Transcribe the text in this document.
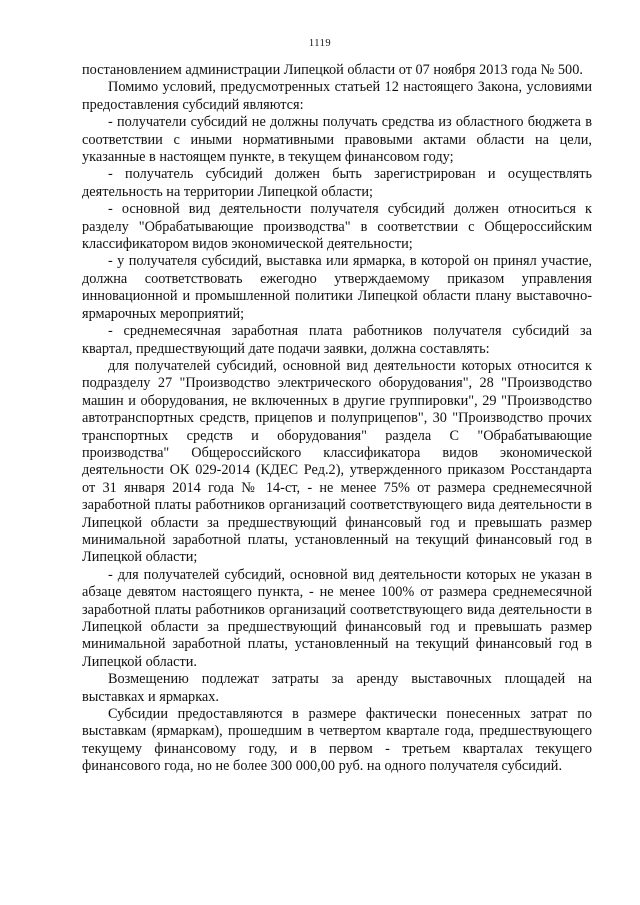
1119

постановлением администрации Липецкой области от 07 ноября 2013 года № 500.

Помимо условий, предусмотренных статьей 12 настоящего Закона, условиями предоставления субсидий являются:

- получатели субсидий не должны получать средства из областного бюджета в соответствии с иными нормативными правовыми актами области на цели, указанные в настоящем пункте, в текущем финансовом году;

- получатель субсидий должен быть зарегистрирован и осуществлять деятельность на территории Липецкой области;

- основной вид деятельности получателя субсидий должен относиться к разделу "Обрабатывающие производства" в соответствии с Общероссийским классификатором видов экономической деятельности;

- у получателя субсидий, выставка или ярмарка, в которой он принял участие, должна соответствовать ежегодно утверждаемому приказом управления инновационной и промышленной политики Липецкой области плану выставочно-ярмарочных мероприятий;

- среднемесячная заработная плата работников получателя субсидий за квартал, предшествующий дате подачи заявки, должна составлять:

для получателей субсидий, основной вид деятельности которых относится к подразделу 27 "Производство электрического оборудования", 28 "Производство машин и оборудования, не включенных в другие группировки", 29 "Производство автотранспортных средств, прицепов и полуприцепов", 30 "Производство прочих транспортных средств и оборудования" раздела С "Обрабатывающие производства" Общероссийского классификатора видов экономической деятельности ОК 029-2014 (КДЕС Ред.2), утвержденного приказом Росстандарта от 31 января 2014 года № 14-ст, - не менее 75% от размера среднемесячной заработной платы работников организаций соответствующего вида деятельности в Липецкой области за предшествующий финансовый год и превышать размер минимальной заработной платы, установленный на текущий финансовый год в Липецкой области;

- для получателей субсидий, основной вид деятельности которых не указан в абзаце девятом настоящего пункта, - не менее 100% от размера среднемесячной заработной платы работников организаций соответствующего вида деятельности в Липецкой области за предшествующий финансовый год и превышать размер минимальной заработной платы, установленный на текущий финансовый год в Липецкой области.

Возмещению подлежат затраты за аренду выставочных площадей на выставках и ярмарках.

Субсидии предоставляются в размере фактически понесенных затрат по выставкам (ярмаркам), прошедшим в четвертом квартале года, предшествующего текущему финансовому году, и в первом - третьем кварталах текущего финансового года, но не более 300 000,00 руб. на одного получателя субсидий.
